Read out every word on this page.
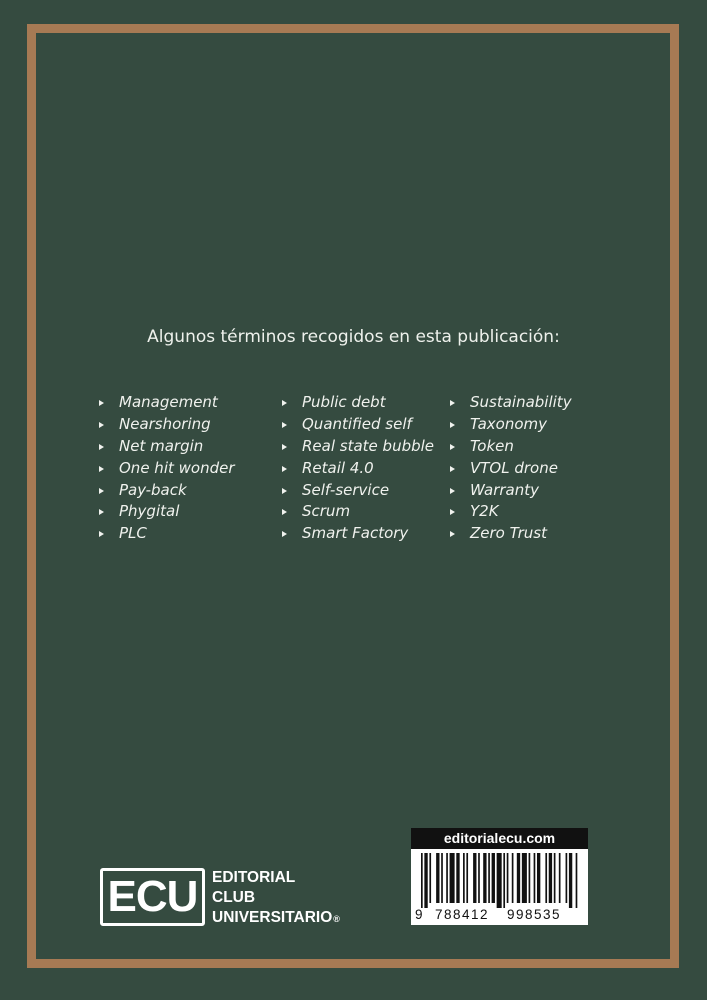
Algunos términos recogidos en esta publicación:
Management
Nearshoring
Net margin
One hit wonder
Pay-back
Phygital
PLC
Public debt
Quantified self
Real state bubble
Retail 4.0
Self-service
Scrum
Smart Factory
Sustainability
Taxonomy
Token
VTOL drone
Warranty
Y2K
Zero Trust
ECU EDITORIAL
CLUB
UNIVERSITARIO®
editorialecu.com
9 788412 998535
